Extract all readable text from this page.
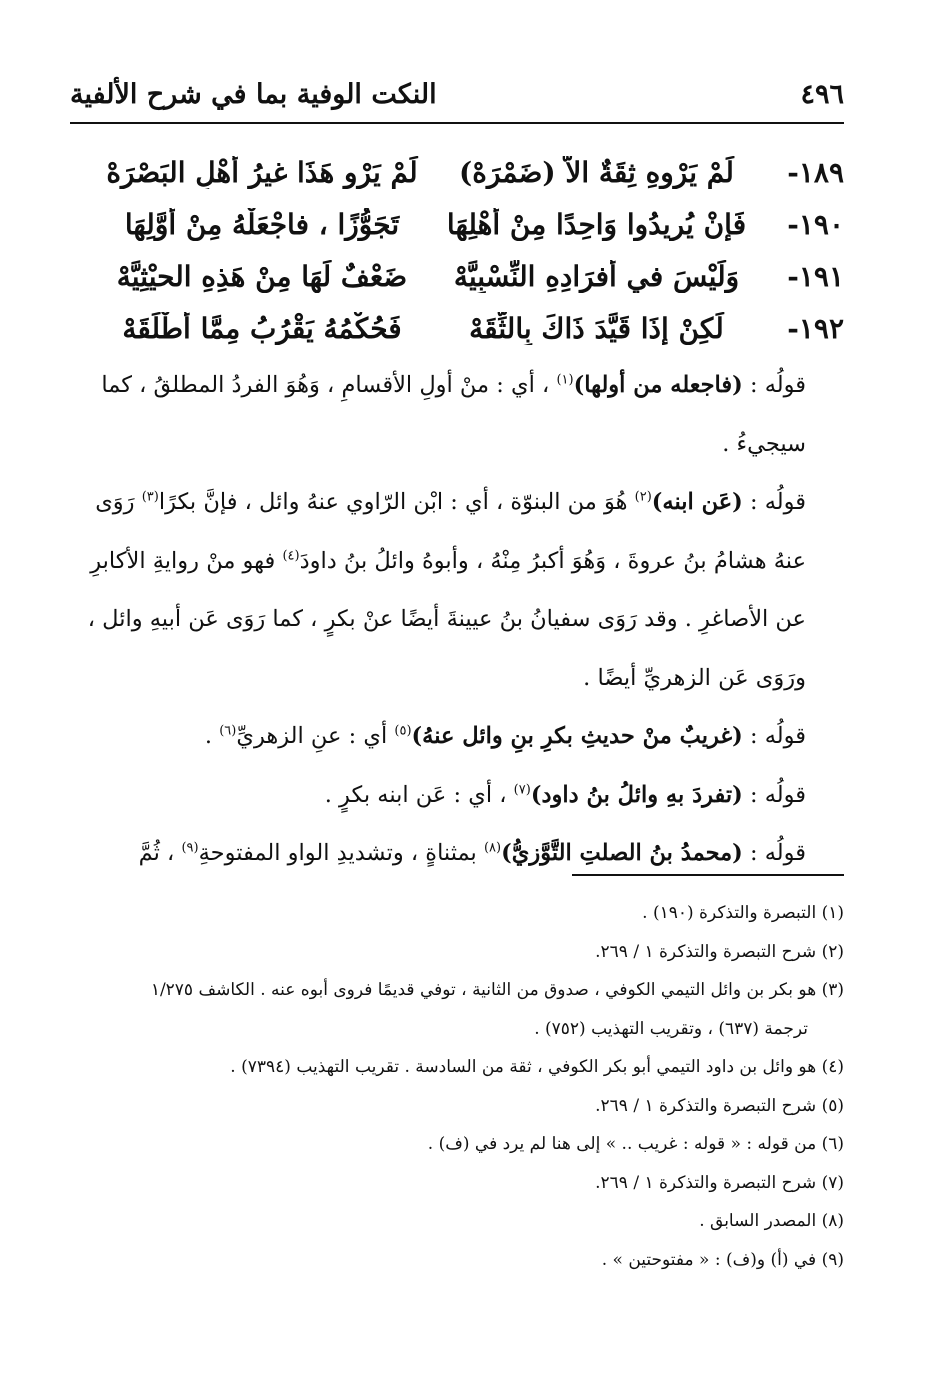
٤٩٦
النكت الوفية بما في شرح الألفية
١٨٩-
لَمْ يَرْوِهِ ثِقَةٌ الاّ (ضَمْرَهْ)
لَمْ يَرْوِ هَذَا غيرُ أَهْلِ البَصْرَهْ
١٩٠-
فَإِنْ يُرِيدُوا وَاحِدًا مِنْ أَهْلِهَا
تَجَوُّزًا ، فاجْعَلْهُ مِنْ أَوَّلِهَا
١٩١-
وَلَيْسَ في أفرَادِهِ النِّسْبِيَّهْ
ضَعْفٌ لَهَا مِنْ هَذِهِ الحيْثِيَّهْ
١٩٢-
لَكِنْ إِذَا قَيَّدَ ذَاكَ بِالثِّقَهْ
فَحُكْمُهُ يَقْرُبُ مِمَّا أَطْلَقَهْ

قولُه : (فاجعله من أولها)$^{(١)}$ ، أي : منْ أولِ الأقسامِ ، وَهُوَ الفردُ المطلقُ ، كما سيجيءُ .

قولُه : (عَن ابنه)$^{(٢)}$ هُوَ من البنوّة ، أي : ابْن الرّاوي عنهُ وائل ، فإنَّ بكرًا$^{(٣)}$ رَوَى عنهُ هشامُ بنُ عروةَ ، وَهُوَ أكبرُ مِنْهُ ، وأبوهُ وائلُ بنُ داودَ$^{(٤)}$ فهو منْ روايةِ الأكابرِ عن الأصاغرِ . وقد رَوَى سفيانُ بنُ عيينةَ أيضًا عنْ بكرٍ ، كما رَوَى عَن أبيهِ وائل ، ورَوَى عَن الزهريِّ أيضًا .

قولُه : (غريبٌ منْ حديثِ بكرِ بنِ وائل عنهُ)$^{(٥)}$ أي : عنِ الزهريِّ$^{(٦)}$ .

قولُه : (تفردَ بهِ وائلُ بنُ داود)$^{(٧)}$ ، أي : عَن ابنه بكرٍ .

قولُه : (محمدُ بنُ الصلتِ التَّوَّزيُّ)$^{(٨)}$ بمثناةٍ ، وتشديدِ الواو المفتوحةِ$^{(٩)}$ ، ثُمَّ

(١) التبصرة والتذكرة (١٩٠) .
(٢) شرح التبصرة والتذكرة ١ / ٢٦٩.
(٣) هو بكر بن وائل التيمي الكوفي ، صدوق من الثانية ، توفي قديمًا فروى أبوه عنه . الكاشف ١/٢٧٥
ترجمة (٦٣٧) ، وتقريب التهذيب (٧٥٢) .
(٤) هو وائل بن داود التيمي أبو بكر الكوفي ، ثقة من السادسة . تقريب التهذيب (٧٣٩٤) .
(٥) شرح التبصرة والتذكرة ١ / ٢٦٩.
(٦) من قوله : « قوله : غريب .. » إلى هنا لم يرد في (ف) .
(٧) شرح التبصرة والتذكرة ١ / ٢٦٩.
(٨) المصدر السابق .
(٩) في (أ) و(ف) : « مفتوحتين » .
